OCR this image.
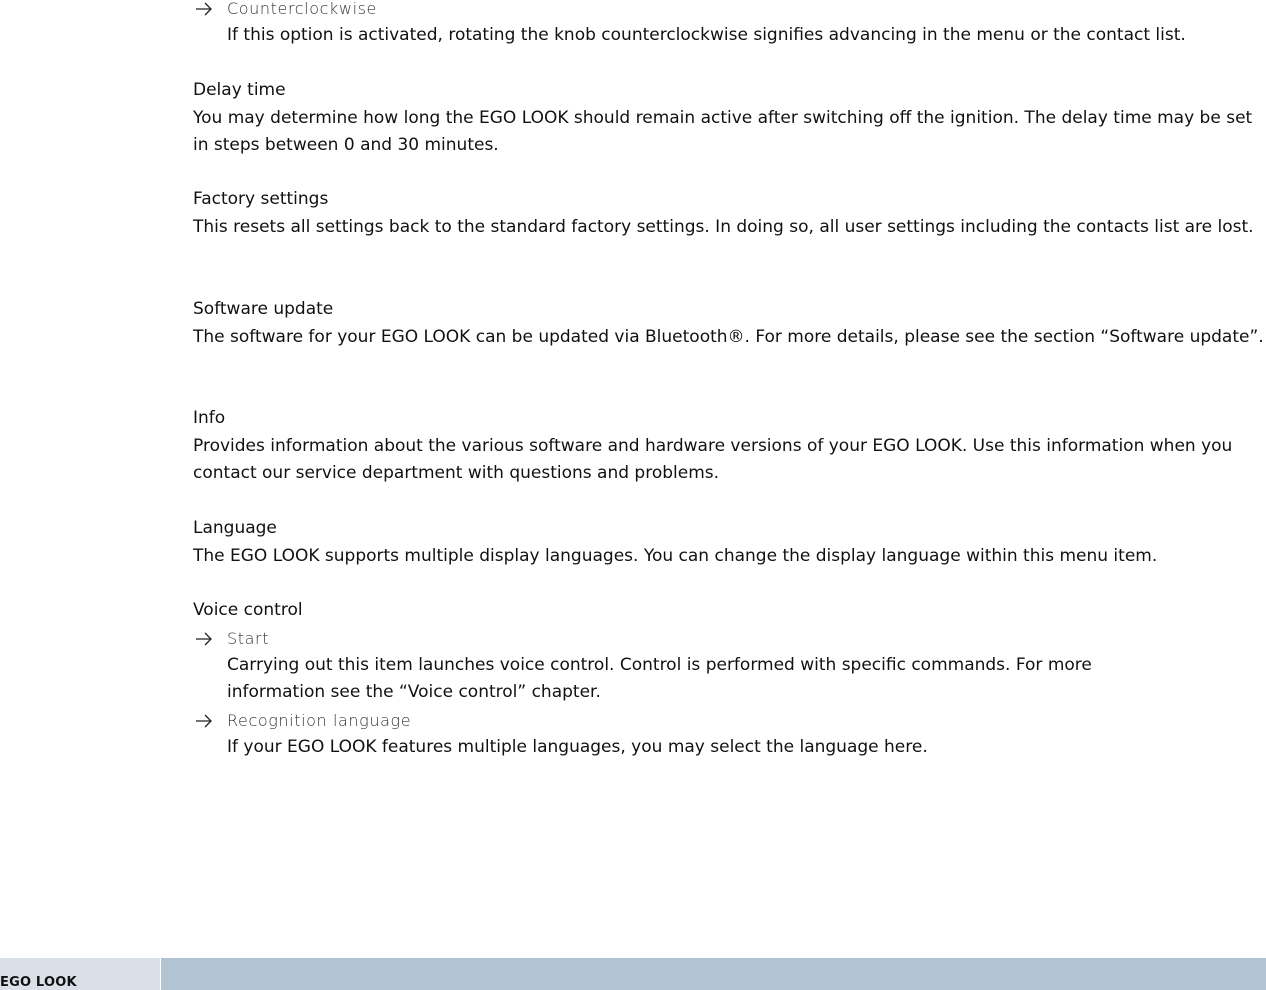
Counterclockwise
If this option is activated, rotating the knob counterclockwise signifies advancing in the menu or the contact list.
Delay time
You may determine how long the EGO LOOK should remain active after switching off the ignition. The delay time may be set in steps between 0 and 30 minutes.
Factory settings
This resets all settings back to the standard factory settings. In doing so, all user settings including the contacts list are lost.
Software update
The software for your EGO LOOK can be updated via Bluetooth®. For more details, please see the section “Software update”.
Info
Provides information about the various software and hardware versions of your EGO LOOK. Use this information when you contact our service department with questions and problems.
Language
The EGO LOOK supports multiple display languages. You can change the display language within this menu item.
Voice control
Start
Carrying out this item launches voice control. Control is performed with specific commands. For more information see the “Voice control” chapter.
Recognition language
If your EGO LOOK features multiple languages, you may select the language here.
EGO LOOK
